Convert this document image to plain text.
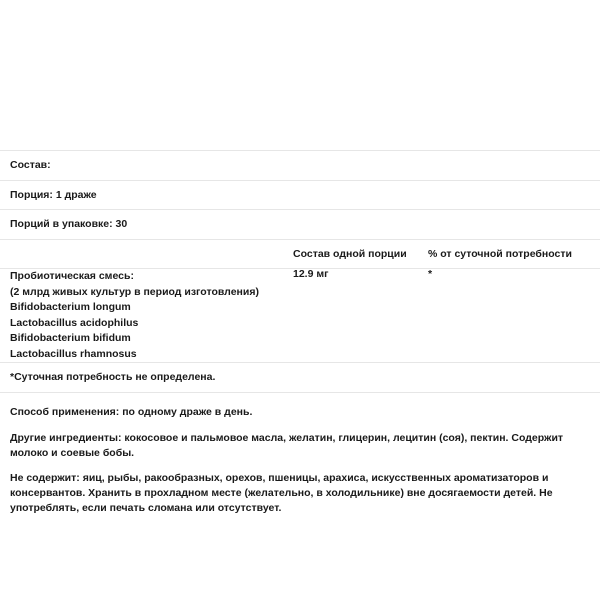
Состав:
Порция: 1 драже
Порций в упаковке: 30
	Состав одной порции	% от суточной потребности
Пробиотическая смесь:
(2 млрд живых культур в период изготовления)
Bifidobacterium longum
Lactobacillus acidophilus
Bifidobacterium bifidum
Lactobacillus rhamnosus
	12.9 мг	*
*Суточная потребность не определена.
Способ применения: по одному драже в день.
Другие ингредиенты: кокосовое и пальмовое масла, желатин, глицерин, лецитин (соя), пектин. Содержит молоко и соевые бобы.
Не содержит: яиц, рыбы, ракообразных, орехов, пшеницы, арахиса, искусственных ароматизаторов и консервантов. Хранить в прохладном месте (желательно, в холодильнике) вне досягаемости детей. Не употреблять, если печать сломана или отсутствует.
